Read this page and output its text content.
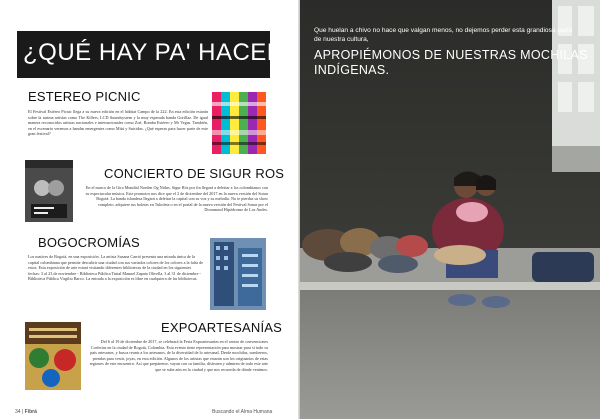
¿QUÉ HAY PA' HACER?
ESTEREO PICNIC
El Festival Estéreo Picnic llega a su nueva edición en el hábitat Campo de la 222. En esta edición estarán sobre la tarima artistas como The Killers, LCD Soundsystem y la muy esperada banda Gorillaz. De igual manera reconocidos artistas nacionales e internacionales como Zoé, Bomba Estéreo y Mr Vegas. También, en el escenario veremos a bandas emergentes como Mitú y Suicidas. ¿Qué esperas para hacer parte de este gran festival?
CONCIERTO DE SIGUR ROS
En el marco de la Gira Mundial Norden Og Nidus, Sigur Rós por fin llegará a deleitar a los colombianos con su espectacular música. Este promotor nos dice que el 2 de diciembre del 2017 en la nueva versión del Sonar Bogotá. La banda islandesa llegará a deleitar la capital con su voz y su melodía. No te pierdas su show completo, adquiere tus boletas en Tuboleta o en el portal de la nueva versión del Festival Sonar por el Dioramasd Hipódromo de Los Andes.
BOGOCROMÍAS
Los matices de Bogotá, en una exposición. La artista Susana Carrió presenta una mirada única de la capital colombiana que permite descubrir una ciudad con sus variados colores de los colores a la falta de estos. Esta exposición de arte estará visitando diferentes bibliotecas de la ciudad en los siguientes fechas: 3 al 23 de noviembre - Biblioteca Pública Tintal Manuel Zapata Olivella. 3 al 31 de diciembre - Biblioteca Pública Virgilio Barco. La entrada a la exposición es libre en cualquiera de las bibliotecas.
EXPOARTESANÍAS
Del 6 al 19 de diciembre de 2017, se celebrará la Feria Expoartesanías en el centro de convenciones Corferias en la ciudad de Bogotá, Colombia. Esta evento tiene representación para mostrar para sí todo su país artesanos, y busca reunir a los artesanos, de la diversidad de lo artesanal. Desde mochilas, sombreros, prendas para vestir, joyas, en esta edición. Algunos de los artistas que estarán son los originarios de estas regiones de este encuentro. Así que prepárense, vayan con su familia, disfruten y admiren de todo este arte que se sube aún en la ciudad y que nos recuerda de dónde venimos.
34 | Fibrá	Buscando el Alma Humana
Que huelan a chivo no hace que valgan menos, no dejemos perder esta grandiosa parte de nuestra cultura,
APROPIÉMONOS DE NUESTRAS MOCHILAS INDÍGENAS.
